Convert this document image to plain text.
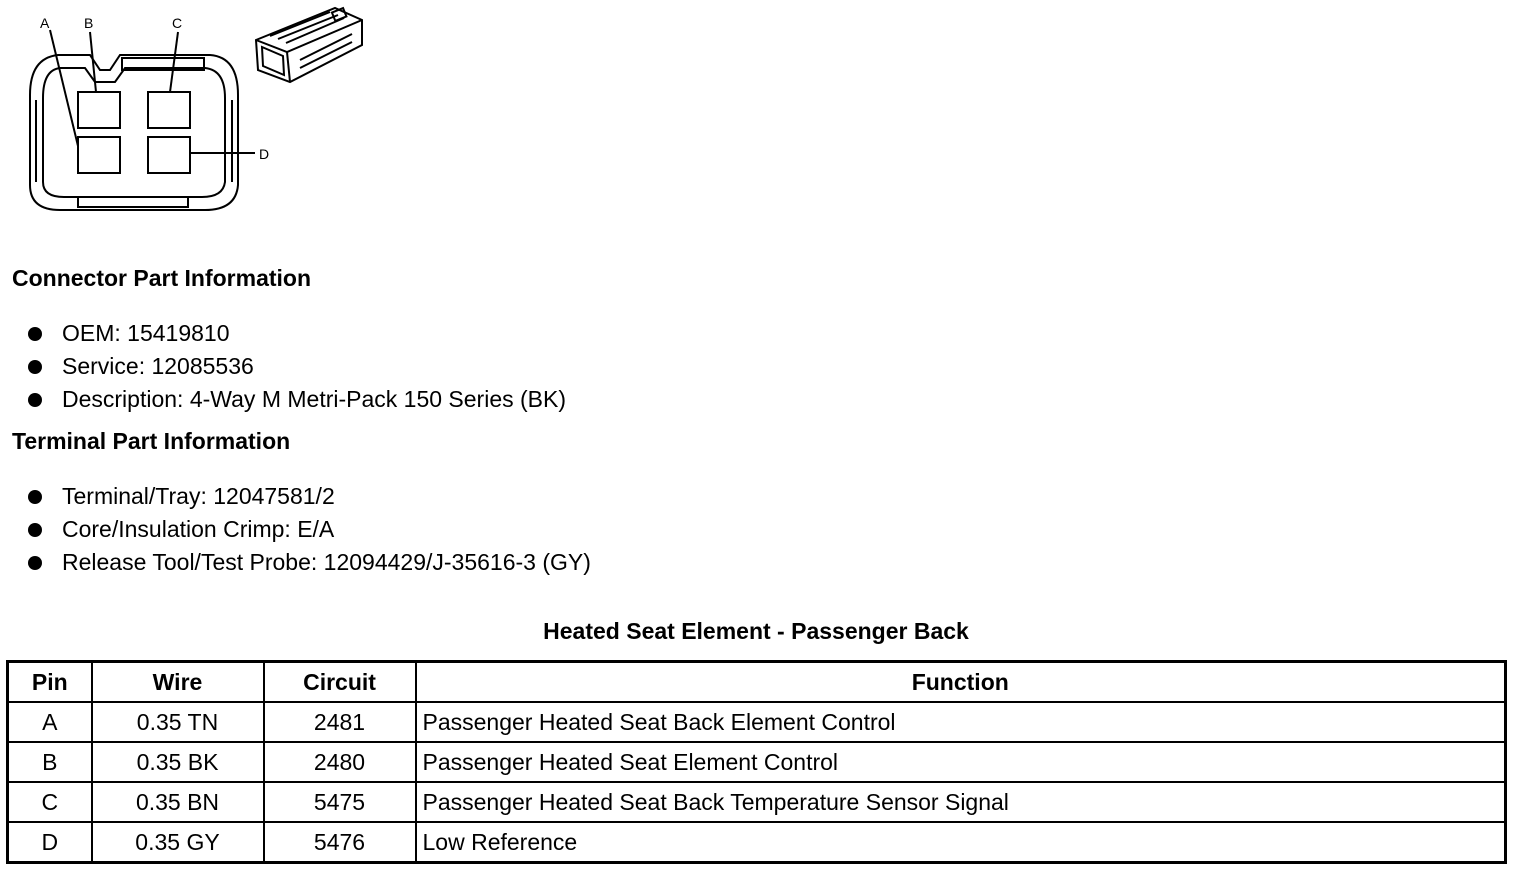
A B	C
D
Connector Part Information
OEM: 15419810
Service: 12085536
Description: 4-Way M Metri-Pack 150 Series (BK)
Terminal Part Information
Terminal/Tray: 12047581/2
Core/Insulation Crimp: E/A
Release Tool/Test Probe: 12094429/J-35616-3 (GY)
Heated Seat Element - Passenger Back
Pin	Wire	Circuit	Function
A	0.35 TN	2481	Passenger Heated Seat Back Element Control
B	0.35 BK	2480	Passenger Heated Seat Element Control
C	0.35 BN	5475	Passenger Heated Seat Back Temperature Sensor Signal
D	0.35 GY	5476	Low Reference
